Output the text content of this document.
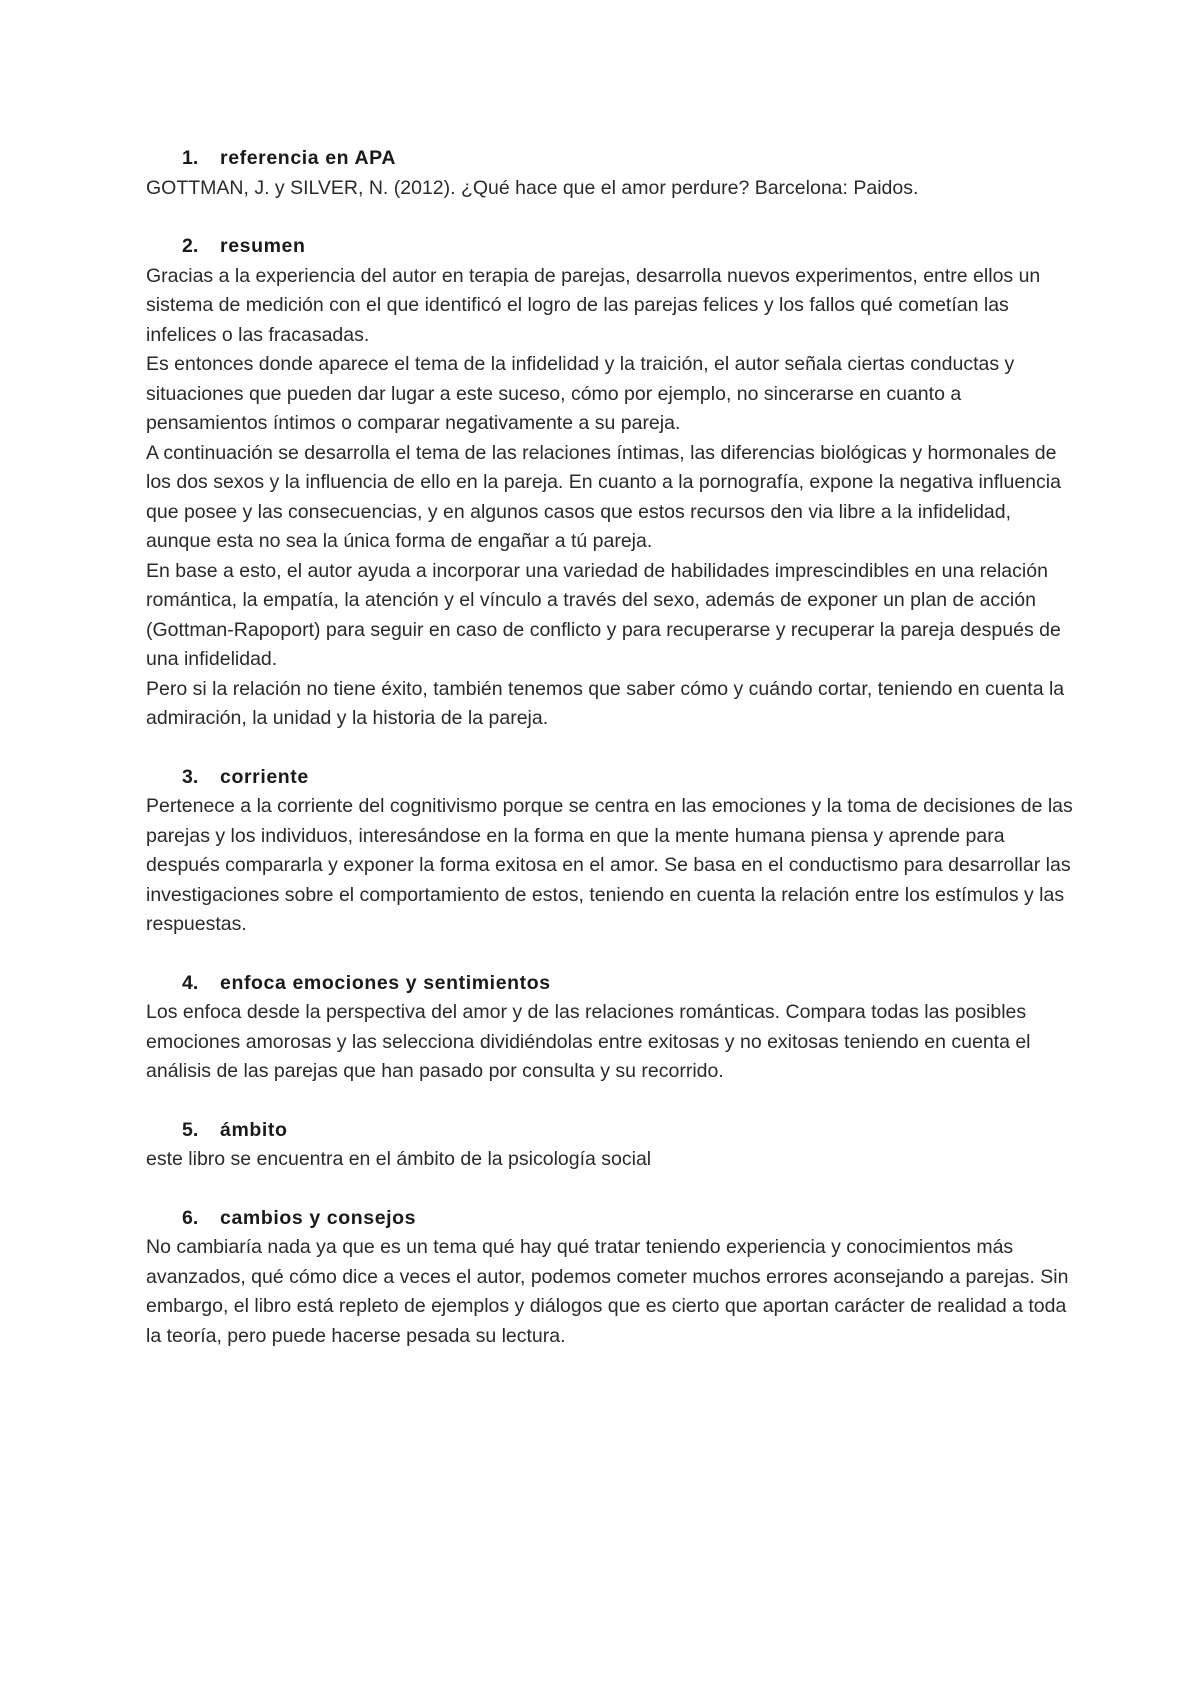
1.	referencia en APA

GOTTMAN, J. y SILVER, N. (2012). ¿Qué hace que el amor perdure? Barcelona: Paidos.

2.	resumen

Gracias a la experiencia del autor en terapia de parejas, desarrolla nuevos experimentos, entre ellos un sistema de medición con el que identificó el logro de las parejas felices y los fallos qué cometían las infelices o las fracasadas.

Es entonces donde aparece el tema de la infidelidad y la traición, el autor señala ciertas conductas y situaciones que pueden dar lugar a este suceso, cómo por ejemplo, no sincerarse en cuanto a pensamientos íntimos o comparar negativamente a su pareja.

A continuación se desarrolla el tema de las relaciones íntimas, las diferencias biológicas y hormonales de los dos sexos y la influencia de ello en la pareja. En cuanto a la pornografía, expone la negativa influencia que posee y las consecuencias, y en algunos casos que estos recursos den via libre a la infidelidad, aunque esta no sea la única forma de engañar a tú pareja.

En base a esto, el autor ayuda a incorporar una variedad de habilidades imprescindibles en una relación romántica, la empatía, la atención y el vínculo a través del sexo, además de exponer un plan de acción (Gottman-Rapoport) para seguir en caso de conflicto y para recuperarse y recuperar la pareja después de una infidelidad.

Pero si la relación no tiene éxito, también tenemos que saber cómo y cuándo cortar, teniendo en cuenta la admiración, la unidad y la historia de la pareja.

3.	corriente

Pertenece a la corriente del cognitivismo porque se centra en las emociones y la toma de decisiones de las parejas y los individuos, interesándose en la forma en que la mente humana piensa y aprende para después compararla y exponer la forma exitosa en el amor. Se basa en el conductismo para desarrollar las investigaciones sobre el comportamiento de estos, teniendo en cuenta la relación entre los estímulos y las respuestas.

4.	enfoca emociones y sentimientos

Los enfoca desde la perspectiva del amor y de las relaciones románticas. Compara todas las posibles emociones amorosas y las selecciona dividiéndolas entre exitosas y no exitosas teniendo en cuenta el análisis de las parejas que han pasado por consulta y su recorrido.

5.	ámbito

este libro se encuentra en el ámbito de la psicología social

6.	cambios y consejos

No cambiaría nada ya que es un tema qué hay qué tratar teniendo experiencia y conocimientos más avanzados, qué cómo dice a veces el autor, podemos cometer muchos errores aconsejando a parejas. Sin embargo, el libro está repleto de ejemplos y diálogos que es cierto que aportan carácter de realidad a toda la teoría, pero puede hacerse pesada su lectura.
